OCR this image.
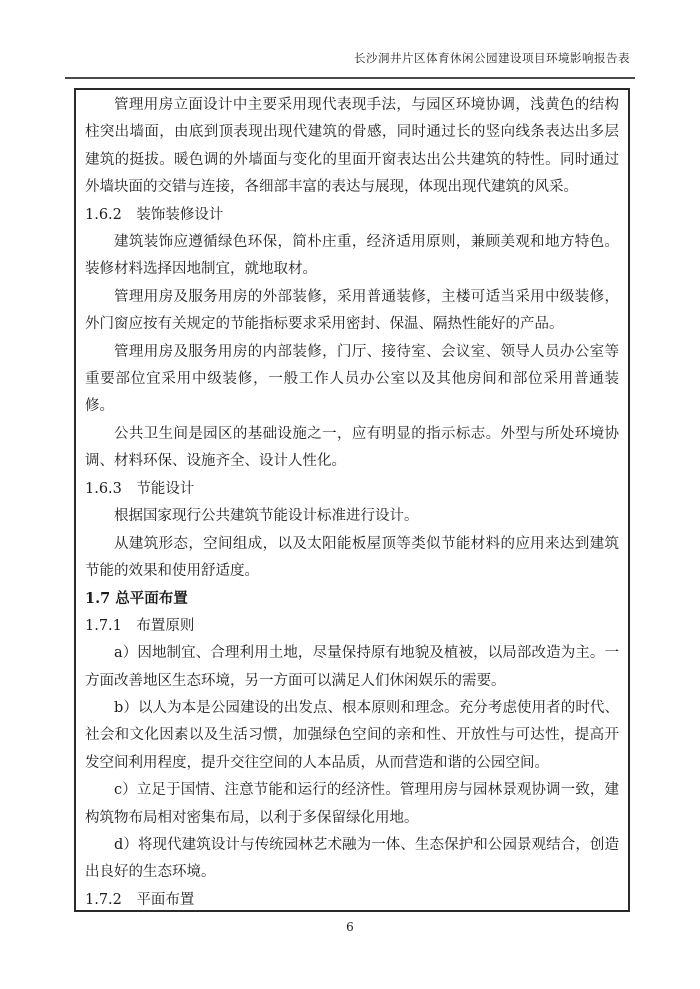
长沙洞井片区体育休闲公园建设项目环境影响报告表

管理用房立面设计中主要采用现代表现手法，与园区环境协调，浅黄色的结构柱突出墙面，由底到顶表现出现代建筑的骨感，同时通过长的竖向线条表达出多层建筑的挺拔。暖色调的外墙面与变化的里面开窗表达出公共建筑的特性。同时通过外墙块面的交错与连接，各细部丰富的表达与展现，体现出现代建筑的风采。

1.6.2　装饰装修设计

建筑装饰应遵循绿色环保，简朴庄重，经济适用原则，兼顾美观和地方特色。装修材料选择因地制宜，就地取材。

管理用房及服务用房的外部装修，采用普通装修，主楼可适当采用中级装修，外门窗应按有关规定的节能指标要求采用密封、保温、隔热性能好的产品。

管理用房及服务用房的内部装修，门厅、接待室、会议室、领导人员办公室等重要部位宜采用中级装修，一般工作人员办公室以及其他房间和部位采用普通装修。

公共卫生间是园区的基础设施之一，应有明显的指示标志。外型与所处环境协调、材料环保、设施齐全、设计人性化。

1.6.3　节能设计

根据国家现行公共建筑节能设计标准进行设计。

从建筑形态，空间组成，以及太阳能板屋顶等类似节能材料的应用来达到建筑节能的效果和使用舒适度。

1.7 总平面布置

1.7.1　布置原则

a）因地制宜、合理利用土地，尽量保持原有地貌及植被，以局部改造为主。一方面改善地区生态环境，另一方面可以满足人们休闲娱乐的需要。

b）以人为本是公园建设的出发点、根本原则和理念。充分考虑使用者的时代、社会和文化因素以及生活习惯，加强绿色空间的亲和性、开放性与可达性，提高开发空间利用程度，提升交往空间的人本品质，从而营造和谐的公园空间。

c）立足于国情、注意节能和运行的经济性。管理用房与园林景观协调一致，建构筑物布局相对密集布局，以利于多保留绿化用地。

d）将现代建筑设计与传统园林艺术融为一体、生态保护和公园景观结合，创造出良好的生态环境。

1.7.2　平面布置

6
